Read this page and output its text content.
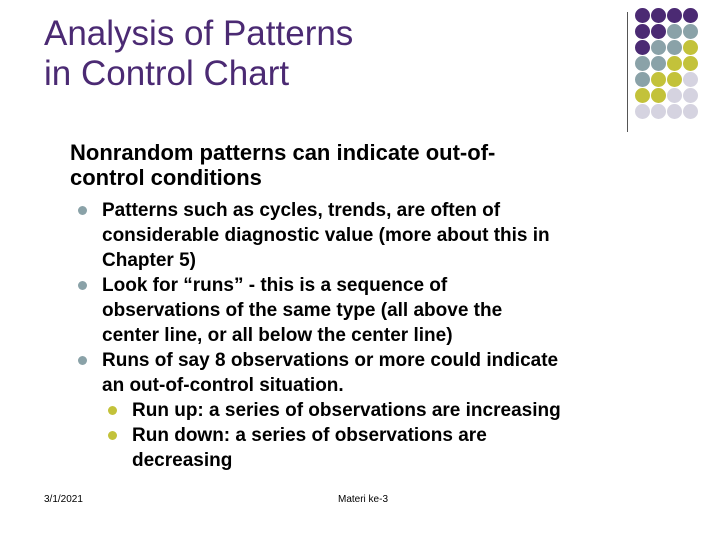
Analysis of Patterns
in Control Chart

Nonrandom patterns can indicate out-of-
control conditions

Patterns such as cycles, trends, are often of
considerable diagnostic value (more about this in
Chapter 5)
Look for “runs” - this is a sequence of
observations of the same type (all above the
center line, or all below the center line)
Runs of say 8 observations or more could indicate
an out-of-control situation.
Run up: a series of observations are increasing
Run down: a series of observations are
decreasing
3/1/2021	Materi ke-3
